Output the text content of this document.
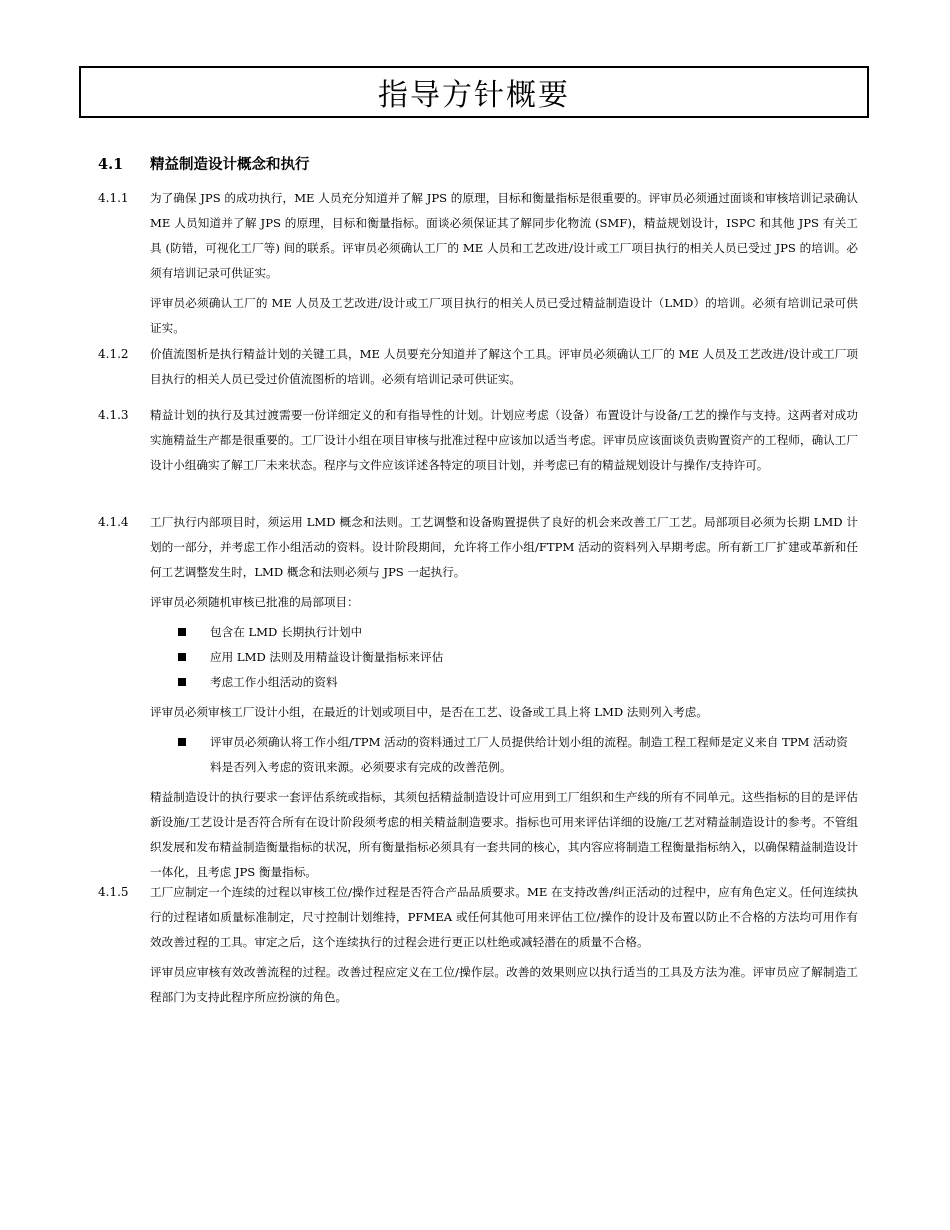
指导方针概要
4.1 精益制造设计概念和执行
4.1.1 为了确保 JPS 的成功执行，ME 人员充分知道并了解 JPS 的原理，目标和衡量指标是很重要的。评审员必须通过面谈和审核培训记录确认 ME 人员知道并了解 JPS 的原理，目标和衡量指标。面谈必须保证其了解同步化物流 (SMF)，精益规划设计，ISPC 和其他 JPS 有关工具 (防错，可视化工厂等) 间的联系。评审员必须确认工厂的 ME 人员和工艺改进/设计或工厂项目执行的相关人员已受过 JPS 的培训。必须有培训记录可供证实。

评审员必须确认工厂的 ME 人员及工艺改进/设计或工厂项目执行的相关人员已受过精益制造设计（LMD）的培训。必须有培训记录可供证实。

4.1.2 价值流图析是执行精益计划的关键工具，ME 人员要充分知道并了解这个工具。评审员必须确认工厂的 ME 人员及工艺改进/设计或工厂项目执行的相关人员已受过价值流图析的培训。必须有培训记录可供证实。

4.1.3 精益计划的执行及其过渡需要一份详细定义的和有指导性的计划。计划应考虑（设备）布置设计与设备/工艺的操作与支持。这两者对成功实施精益生产都是很重要的。工厂设计小组在项目审核与批准过程中应该加以适当考虑。评审员应该面谈负责购置资产的工程师，确认工厂设计小组确实了解工厂未来状态。程序与文件应该详述各特定的项目计划，并考虑已有的精益规划设计与操作/支持许可。

4.1.4 工厂执行内部项目时，须运用 LMD 概念和法则。工艺调整和设备购置提供了良好的机会来改善工厂工艺。局部项目必须为长期 LMD 计划的一部分，并考虑工作小组活动的资料。设计阶段期间，允许将工作小组/FTPM 活动的资料列入早期考虑。所有新工厂扩建或革新和任何工艺调整发生时，LMD 概念和法则必须与 JPS 一起执行。

评审员必须随机审核已批准的局部项目：

包含在 LMD 长期执行计划中
应用 LMD 法则及用精益设计衡量指标来评估
考虑工作小组活动的资料

评审员必须审核工厂设计小组，在最近的计划或项目中，是否在工艺、设备或工具上将 LMD 法则列入考虑。

评审员必须确认将工作小组/TPM 活动的资料通过工厂人员提供给计划小组的流程。制造工程工程师是定义来自 TPM 活动资料是否列入考虑的资讯来源。必须要求有完成的改善范例。

精益制造设计的执行要求一套评估系统或指标，其须包括精益制造设计可应用到工厂组织和生产线的所有不同单元。这些指标的目的是评估新设施/工艺设计是否符合所有在设计阶段须考虑的相关精益制造要求。指标也可用来评估详细的设施/工艺对精益制造设计的参考。不管组织发展和发布精益制造衡量指标的状况，所有衡量指标必须具有一套共同的核心，其内容应将制造工程衡量指标纳入，以确保精益制造设计一体化，且考虑 JPS 衡量指标。

4.1.5 工厂应制定一个连续的过程以审核工位/操作过程是否符合产品品质要求。ME 在支持改善/纠正活动的过程中，应有角色定义。任何连续执行的过程诸如质量标准制定，尺寸控制计划维持，PFMEA 或任何其他可用来评估工位/操作的设计及布置以防止不合格的方法均可用作有效改善过程的工具。审定之后，这个连续执行的过程会进行更正以杜绝或减轻潜在的质量不合格。

评审员应审核有效改善流程的过程。改善过程应定义在工位/操作层。改善的效果则应以执行适当的工具及方法为准。评审员应了解制造工程部门为支持此程序所应扮演的角色。
